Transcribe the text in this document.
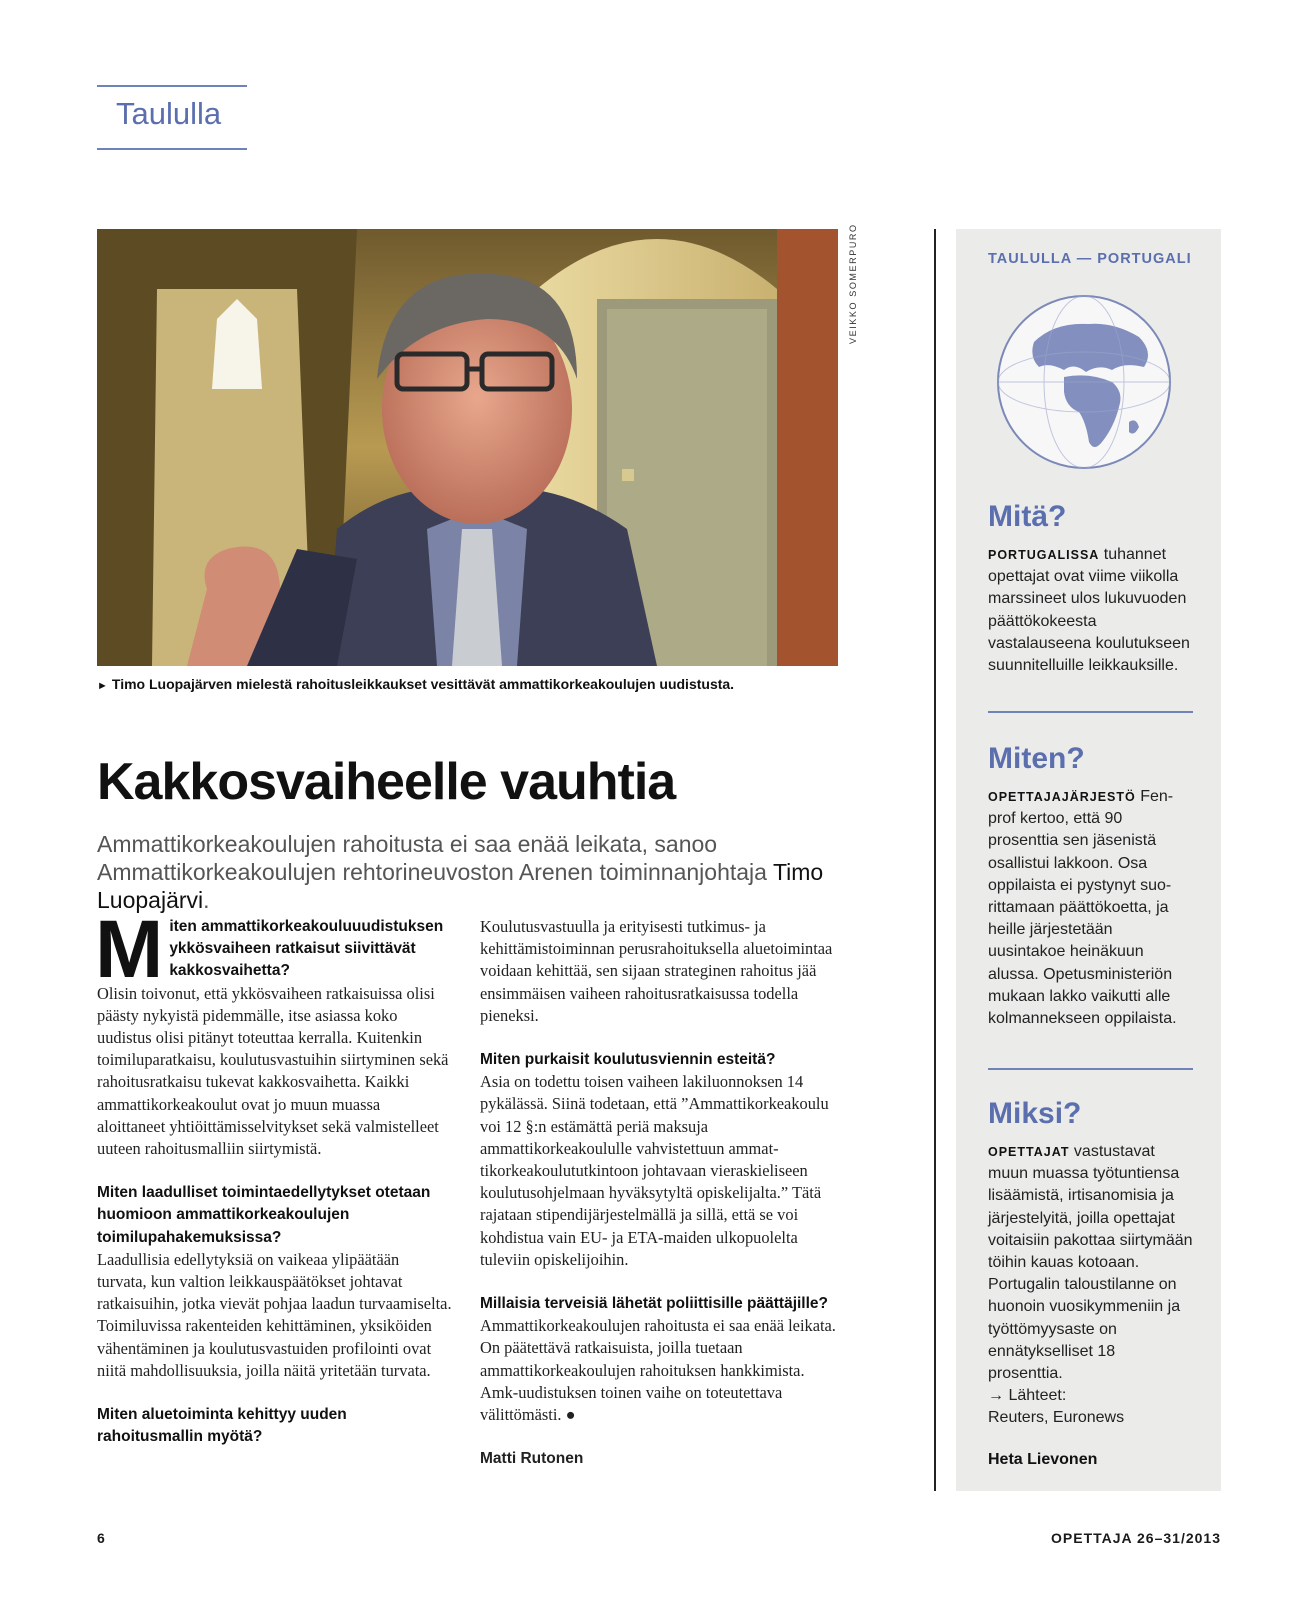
Taululla
VEIKKO SOMERPURO
► Timo Luopajärven mielestä rahoitusleikkaukset vesittävät ammattikorkeakoulujen uudistusta.
Kakkosvaiheelle vauhtia
Ammattikorkeakoulujen rahoitusta ei saa enää leikata, sanoo Ammattikorkeakoulujen rehtorineuvoston Arenen toiminnanjohtaja Timo Luopajärvi.

Miten ammattikorkeakouluuudistuksen ykkösvaiheen ratkaisut siivittävät kakkosvaihetta?

Olisin toivonut, että ykkösvaiheen ratkaisuissa olisi päästy nykyistä pidemmälle, itse asiassa koko uudistus olisi pitänyt toteuttaa kerralla. Kuitenkin toimiluparatkaisu, koulutusvastuihin siirtyminen sekä rahoitusratkaisu tukevat kakkosvaihetta. Kaikki ammattikorkeakoulut ovat jo muun muassa aloittaneet yhtiöittämisselvitykset sekä valmistelleet uuteen rahoitusmalliin siirtymistä.

Miten laadulliset toimintaedellytykset otetaan huomioon ammattikorkeakoulujen toimilupahakemuksissa?

Laadullisia edellytyksiä on vaikeaa ylipäätään turvata, kun valtion leikkauspäätökset johtavat ratkaisuihin, jotka vievät pohjaa laadun turvaamiselta. Toimiluvissa rakenteiden kehittäminen, yksiköiden vähentäminen ja koulutusvastuiden profilointi ovat niitä mahdollisuuksia, joilla näitä yritetään turvata.

Miten aluetoiminta kehittyy uuden rahoitusmallin myötä?

Koulutusvastuulla ja erityisesti tutkimus- ja kehittämistoiminnan perusrahoituksella aluetoimintaa voidaan kehittää, sen sijaan strateginen rahoitus jää ensimmäisen vaiheen rahoitusratkaisussa todella pieneksi.

Miten purkaisit koulutusviennin esteitä?

Asia on todettu toisen vaiheen lakiluonnoksen 14 pykälässä. Siinä todetaan, että ”Ammattikorkeakoulu voi 12 §:n estämättä periä maksuja ammattikorkeakoululle vahvistettuun ammattikorkeakoulututkintoon johtavaan vieraskieliseen koulutusohjelmaan hyväksytyltä opiskelijalta.” Tätä rajataan stipendijärjestelmällä ja sillä, että se voi kohdistua vain EU- ja ETA-maiden ulkopuolelta tuleviin opiskelijoihin.

Millaisia terveisiä lähetät poliittisille päättäjille?

Ammattikorkeakoulujen rahoitusta ei saa enää leikata. On päätettävä ratkaisuista, joilla tuetaan ammattikorkeakoulujen rahoituksen hankkimista. Amk-uudistuksen toinen vaihe on toteutettava välittömästi. ●

Matti Rutonen

TAULULLA — PORTUGALI

Mitä?

PORTUGALISSA tuhannet opettajat ovat viime viikolla marssineet ulos lukuvuoden päättökokeesta vastalauseena koulutukseen suunnitelluille leikkauksille.

Miten?

OPETTAJAJÄRJESTÖ Fenprof kertoo, että 90 prosenttia sen jäsenistä osallistui lakkoon. Osa oppilaista ei pystynyt suorittamaan päättökoetta, ja heille järjestetään uusintakoe heinäkuun alussa. Opetusministeriön mukaan lakko vaikutti alle kolmannekseen oppilaista.

Miksi?

OPETTAJAT vastustavat muun muassa työtuntiensa lisäämistä, irtisanomisia ja järjestelyitä, joilla opettajat voitaisiin pakottaa siirtymään töihin kauas kotoaan. Portugalin taloustilanne on huonoin vuosikymmeniin ja työttömyysaste on ennätykselliset 18 prosenttia.

→ Lähteet:

Reuters, Euronews

Heta Lievonen
6	OPETTAJA 26–31/2013
